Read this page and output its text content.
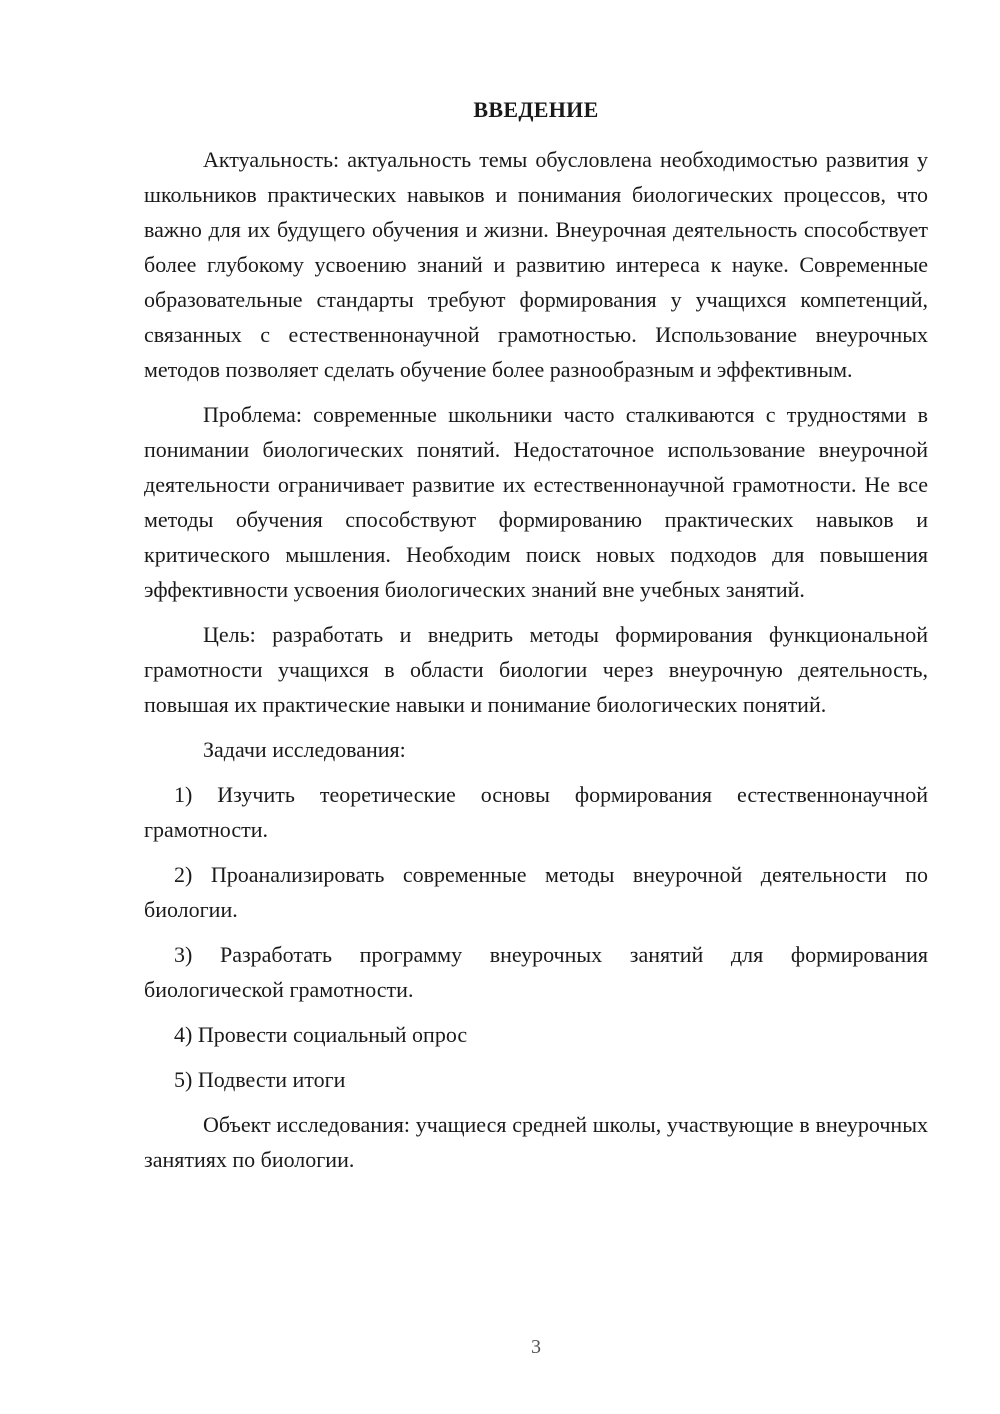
ВВЕДЕНИЕ

Актуальность: актуальность темы обусловлена необходимостью развития у школьников практических навыков и понимания биологических процессов, что важно для их будущего обучения и жизни. Внеурочная деятельность способствует более глубокому усвоению знаний и развитию интереса к науке. Современные образовательные стандарты требуют формирования у учащихся компетенций, связанных с естественнонаучной грамотностью. Использование внеурочных методов позволяет сделать обучение более разнообразным и эффективным.

Проблема: современные школьники часто сталкиваются с трудностями в понимании биологических понятий. Недостаточное использование внеурочной деятельности ограничивает развитие их естественнонаучной грамотности. Не все методы обучения способствуют формированию практических навыков и критического мышления. Необходим поиск новых подходов для повышения эффективности усвоения биологических знаний вне учебных занятий.

Цель: разработать и внедрить методы формирования функциональной грамотности учащихся в области биологии через внеурочную деятельность, повышая их практические навыки и понимание биологических понятий.

Задачи исследования:

1) Изучить теоретические основы формирования естественнонаучной грамотности.

2) Проанализировать современные методы внеурочной деятельности по биологии.

3) Разработать программу внеурочных занятий для формирования биологической грамотности.

4) Провести социальный опрос

5) Подвести итоги

Объект исследования: учащиеся средней школы, участвующие в внеурочных занятиях по биологии.

3
